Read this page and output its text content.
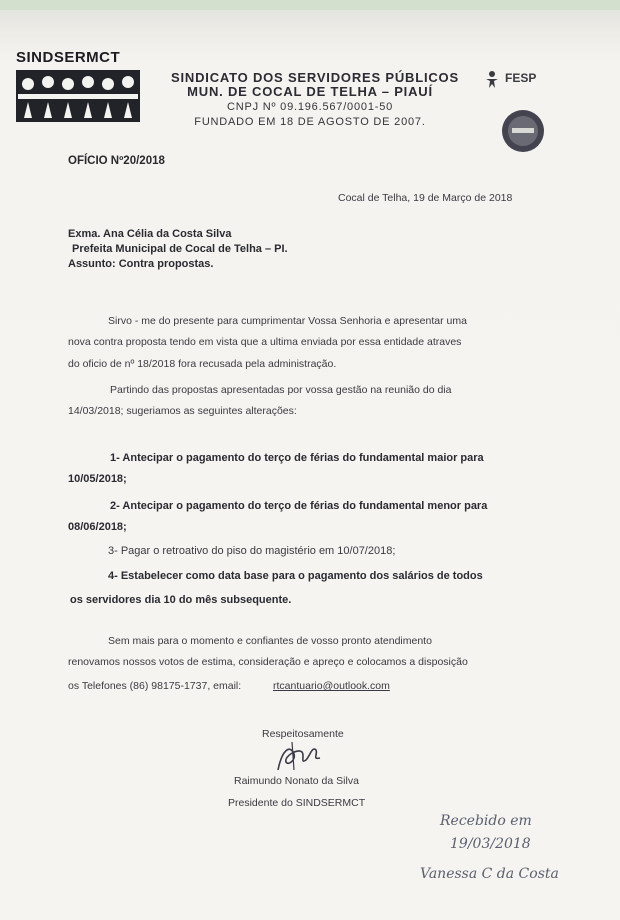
SINDSERMCT
SINDICATO DOS SERVIDORES PÚBLICOS
MUN. DE COCAL DE TELHA – PIAUÍ
CNPJ Nº 09.196.567/0001-50
FUNDADO EM 18 DE AGOSTO DE 2007.
FESP
OFÍCIO Nº20/2018
Cocal de Telha, 19 de Março de 2018
Exma. Ana Célia da Costa Silva
Prefeita Municipal de Cocal de Telha – PI.
Assunto: Contra propostas.
Sirvo - me do presente para cumprimentar Vossa Senhoria e apresentar uma
nova contra proposta tendo em vista que a ultima enviada por essa entidade atraves
do oficio de nº 18/2018 fora recusada pela administração.
Partindo das propostas apresentadas por vossa gestão na reunião do dia
14/03/2018; sugeriamos as seguintes alterações:
1- Antecipar o pagamento do terço de férias do fundamental maior para
10/05/2018;
2- Antecipar o pagamento do terço de férias do fundamental menor para
08/06/2018;
3- Pagar o retroativo do piso do magistério em 10/07/2018;
4- Estabelecer como data base para o pagamento dos salários de todos
os servidores dia 10 do mês subsequente.
Sem mais para o momento e confiantes de vosso pronto atendimento
renovamos nossos votos de estima, consideração e apreço e colocamos a disposição
os Telefones (86) 98175-1737, email:	rtcantuario@outlook.com
Respeitosamente
Raimundo Nonato da Silva
Presidente do SINDSERMCT
Recebido em
19/03/2018
Vanessa C da Costa
